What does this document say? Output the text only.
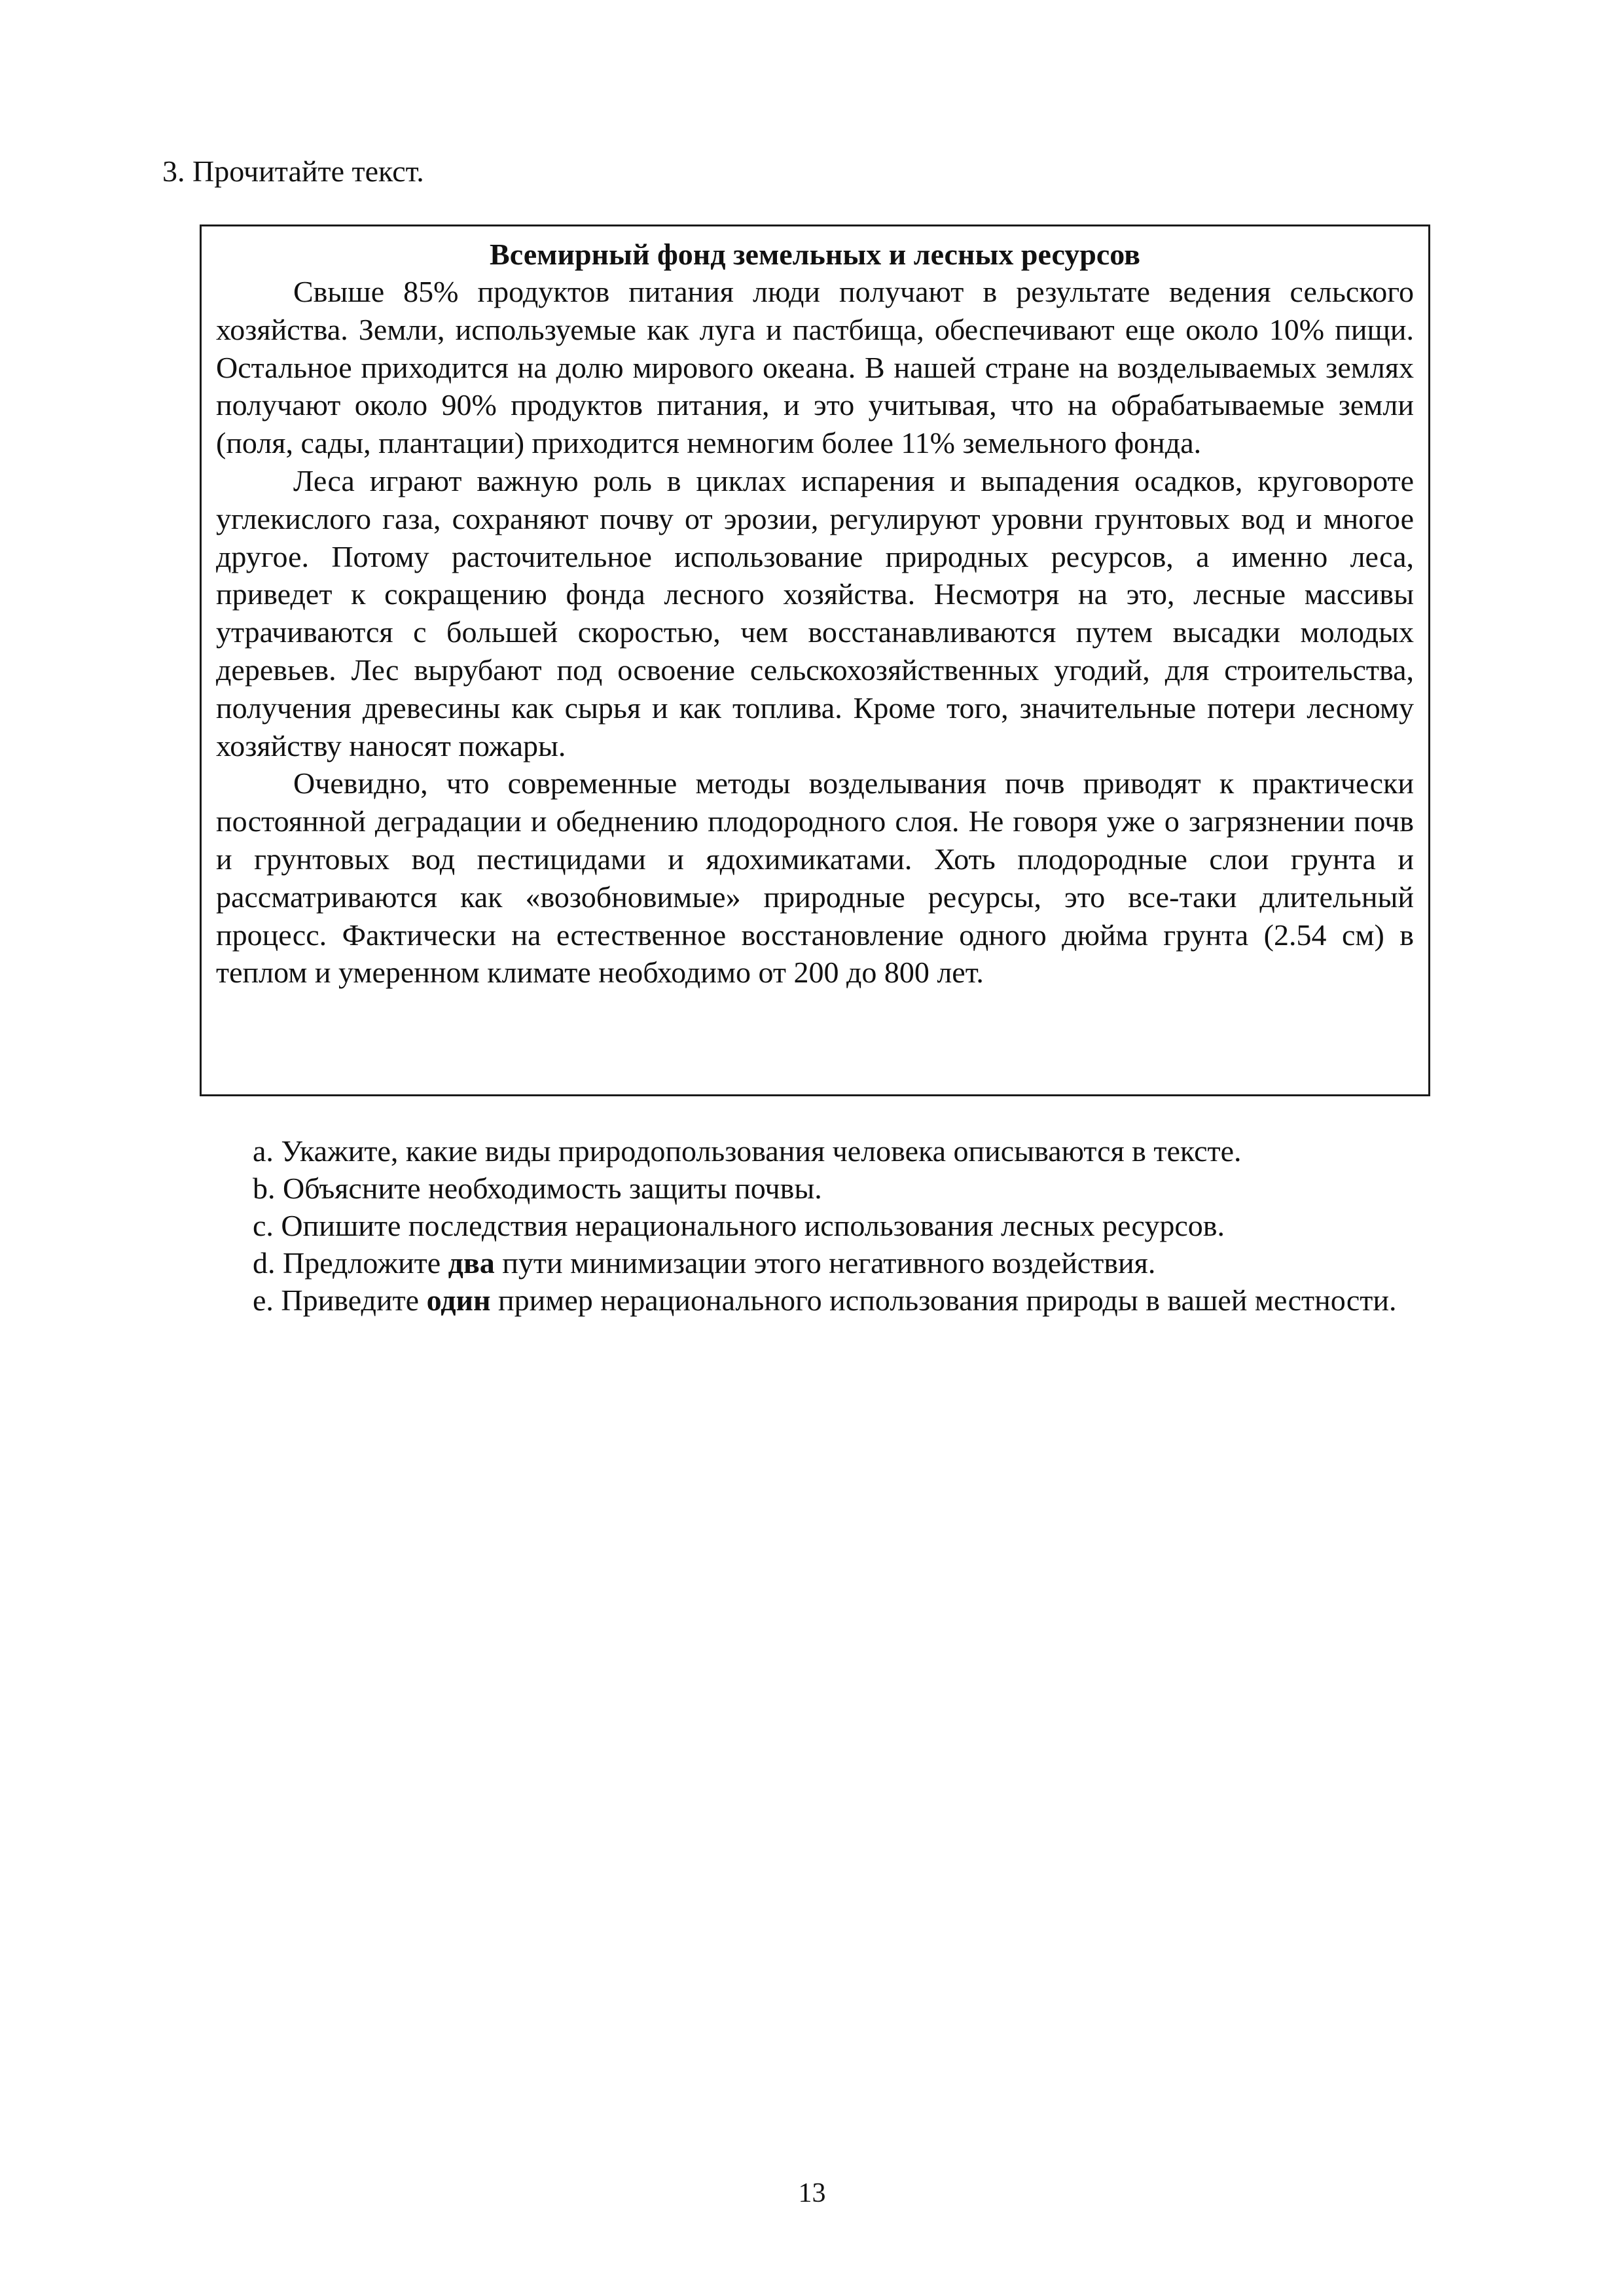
3. Прочитайте текст.

Всемирный фонд земельных и лесных ресурсов

Свыше 85% продуктов питания люди получают в результате ведения сельского хозяйства. Земли, используемые как луга и пастбища, обеспечивают еще около 10% пищи. Остальное приходится на долю мирового океана. В нашей стране на возделываемых землях получают около 90% продуктов питания, и это учитывая, что на обрабатываемые земли (поля, сады, плантации) приходится немногим более 11% земельного фонда.

Леса играют важную роль в циклах испарения и выпадения осадков, круговороте углекислого газа, сохраняют почву от эрозии, регулируют уровни грунтовых вод и многое другое. Потому расточительное использование природных ресурсов, а именно леса, приведет к сокращению фонда лесного хозяйства. Несмотря на это, лесные массивы утрачиваются с большей скоростью, чем восстанавливаются путем высадки молодых деревьев. Лес вырубают под освоение сельскохозяйственных угодий, для строительства, получения древесины как сырья и как топлива. Кроме того, значительные потери лесному хозяйству наносят пожары.

Очевидно, что современные методы возделывания почв приводят к практически постоянной деградации и обеднению плодородного слоя. Не говоря уже о загрязнении почв и грунтовых вод пестицидами и ядохимикатами. Хоть плодородные слои грунта и рассматриваются как «возобновимые» природные ресурсы, это все-таки длительный процесс. Фактически на естественное восстановление одного дюйма грунта (2.54 см) в теплом и умеренном климате необходимо от 200 до 800 лет.

a. Укажите, какие виды природопользования человека описываются в тексте.
b. Объясните необходимость защиты почвы.
c. Опишите последствия нерационального использования лесных ресурсов.
d. Предложите два пути минимизации этого негативного воздействия.
e. Приведите один пример нерационального использования природы в вашей местности.
13
